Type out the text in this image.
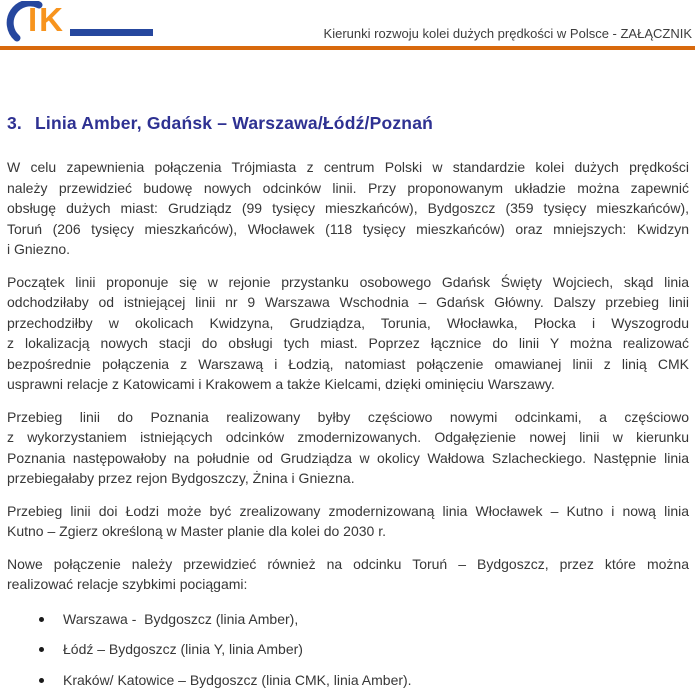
IK	Kierunki rozwoju kolei dużych prędkości w Polsce - ZAŁĄCZNIK
3. Linia Amber, Gdańsk – Warszawa/Łódź/Poznań
W celu zapewnienia połączenia Trójmiasta z centrum Polski w standardzie kolei dużych prędkości
należy przewidzieć budowę nowych odcinków linii. Przy proponowanym układzie można zapewnić
obsługę dużych miast: Grudziądz (99 tysięcy mieszkańców), Bydgoszcz (359 tysięcy mieszkańców),
Toruń (206 tysięcy mieszkańców), Włocławek (118 tysięcy mieszkańców) oraz mniejszych: Kwidzyn
i Gniezno.
Początek linii proponuje się w rejonie przystanku osobowego Gdańsk Święty Wojciech, skąd linia
odchodziłaby od istniejącej linii nr 9 Warszawa Wschodnia – Gdańsk Główny. Dalszy przebieg linii
przechodziłby w okolicach Kwidzyna, Grudziądza, Torunia, Włocławka, Płocka i Wyszogrodu
z lokalizacją nowych stacji do obsługi tych miast. Poprzez łącznice do linii Y można realizować
bezpośrednie połączenia z Warszawą i Łodzią, natomiast połączenie omawianej linii z linią CMK
usprawni relacje z Katowicami i Krakowem a także Kielcami, dzięki ominięciu Warszawy.
Przebieg linii do Poznania realizowany byłby częściowo nowymi odcinkami, a częściowo
z wykorzystaniem istniejących odcinków zmodernizowanych. Odgałęzienie nowej linii w kierunku
Poznania następowałoby na południe od Grudziądza w okolicy Wałdowa Szlacheckiego. Następnie linia
przebiegałaby przez rejon Bydgoszczy, Żnina i Gniezna.
Przebieg linii doi Łodzi może być zrealizowany zmodernizowaną linia Włocławek – Kutno i nową linia
Kutno – Zgierz określoną w Master planie dla kolei do 2030 r.
Nowe połączenie należy przewidzieć również na odcinku Toruń – Bydgoszcz, przez które można
realizować relacje szybkimi pociągami:
Warszawa -  Bydgoszcz (linia Amber),
Łódź – Bydgoszcz (linia Y, linia Amber)
Kraków/ Katowice – Bydgoszcz (linia CMK, linia Amber).
